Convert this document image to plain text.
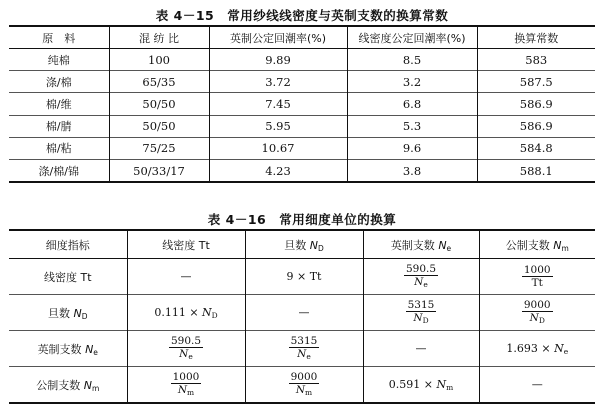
表 4－15　常用纱线线密度与英制支数的换算常数
原　料	混 纺 比	英制公定回潮率(%)	线密度公定回潮率(%)	换算常数
纯棉	100	9.89	8.5	583
涤/棉	65/35	3.72	3.2	587.5
棉/维	50/50	7.45	6.8	586.9
棉/腈	50/50	5.95	5.3	586.9
棉/粘	75/25	10.67	9.6	584.8
涤/棉/锦	50/33/17	4.23	3.8	588.1
表 4－16　常用细度单位的换算
细度指标	线密度 Tt	旦数 $N_D$	英制支数 $N_e$	公制支数 $N_m$
线密度 Tt	—	9 × Tt	$\frac{590.5}{N_e}$	$\frac{1000}{Tt}$

旦数 $N_D$	$0.111 \times N_D$	—	$\frac{5315}{N_D}$	$\frac{9000}{N_D}$

英制支数 $N_e$	$\frac{590.5}{N_e}$	$\frac{5315}{N_e}$	—	$1.693 \times N_e$
公制支数 $N_m$	$\frac{1000}{N_m}$	$\frac{9000}{N_m}$	$0.591 \times N_m$	—
